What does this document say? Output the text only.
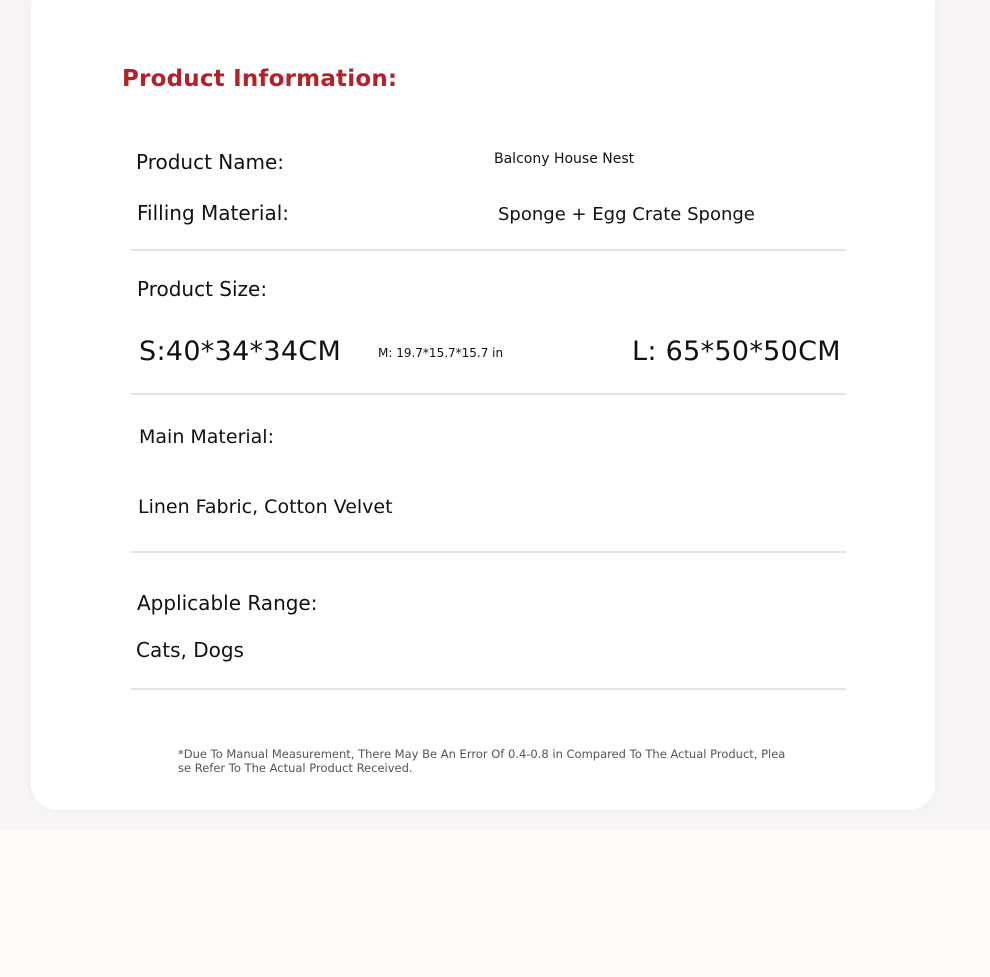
Product Information:
Product Name:	Balcony House Nest
Filling Material:	Sponge + Egg Crate Sponge
Product Size:
S:40*34*34CM	M: 19.7*15.7*15.7 in	L: 65*50*50CM
Main Material:
Linen Fabric, Cotton Velvet
Applicable Range:
Cats, Dogs
*Due To Manual Measurement, There May Be An Error Of 0.4-0.8 in Compared To The Actual Product, Please Refer To The Actual Product Received.
